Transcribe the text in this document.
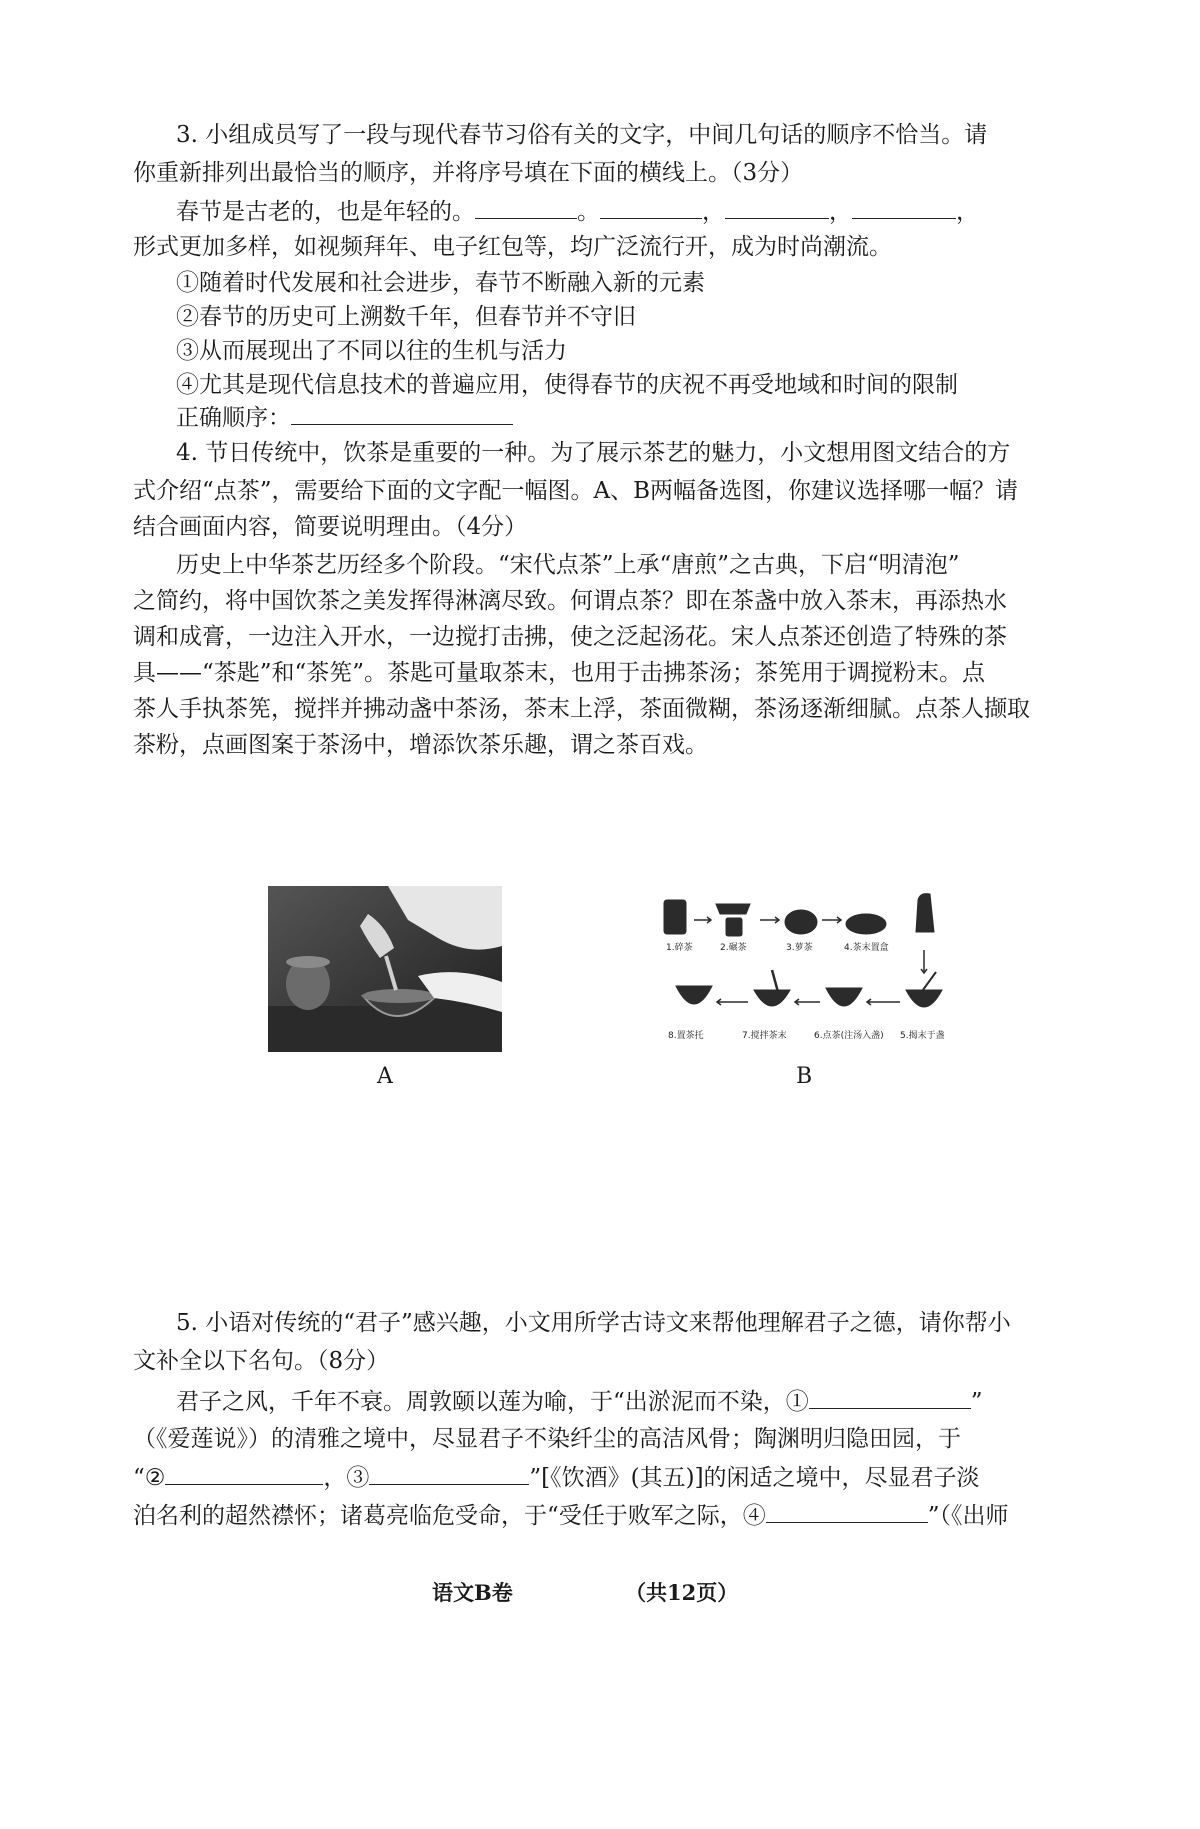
3. 小组成员写了一段与现代春节习俗有关的文字，中间几句话的顺序不恰当。请
你重新排列出最恰当的顺序，并将序号填在下面的横线上。（3分）
春节是古老的，也是年轻的。	。	，	，	，
形式更加多样，如视频拜年、电子红包等，均广泛流行开，成为时尚潮流。
①随着时代发展和社会进步，春节不断融入新的元素
②春节的历史可上溯数千年，但春节并不守旧
③从而展现出了不同以往的生机与活力
④尤其是现代信息技术的普遍应用，使得春节的庆祝不再受地域和时间的限制
正确顺序：
4. 节日传统中，饮茶是重要的一种。为了展示茶艺的魅力，小文想用图文结合的方
式介绍“点茶”，需要给下面的文字配一幅图。A、B两幅备选图，你建议选择哪一幅？请
结合画面内容，简要说明理由。（4分）
历史上中华茶艺历经多个阶段。“宋代点茶”上承“唐煎”之古典，下启“明清泡”
之简约，将中国饮茶之美发挥得淋漓尽致。何谓点茶？即在茶盏中放入茶末，再添热水
调和成膏，一边注入开水，一边搅打击拂，使之泛起汤花。宋人点茶还创造了特殊的茶
具——“茶匙”和“茶筅”。茶匙可量取茶末，也用于击拂茶汤；茶筅用于调搅粉末。点
茶人手执茶筅，搅拌并拂动盏中茶汤，茶末上浮，茶面微糊，茶汤逐渐细腻。点茶人撷取
茶粉，点画图案于茶汤中，增添饮茶乐趣，谓之茶百戏。
A
1.碎茶	2.碾茶	3.萝茶	4.茶末置盒
5.揭末于盏
6.点茶(注汤入盏)
7.搅拌茶末
8.置茶托
B
5. 小语对传统的“君子”感兴趣，小文用所学古诗文来帮他理解君子之德，请你帮小
文补全以下名句。（8分）
君子之风，千年不衰。周敦颐以莲为喻，于“出淤泥而不染，①	”
（《爱莲说》）的清雅之境中，尽显君子不染纤尘的高洁风骨；陶渊明归隐田园，于
“②	，③	”[《饮酒》(其五)]的闲适之境中，尽显君子淡
泊名利的超然襟怀；诸葛亮临危受命，于“受任于败军之际，④	”（《出师
语文B卷	（共12页）
